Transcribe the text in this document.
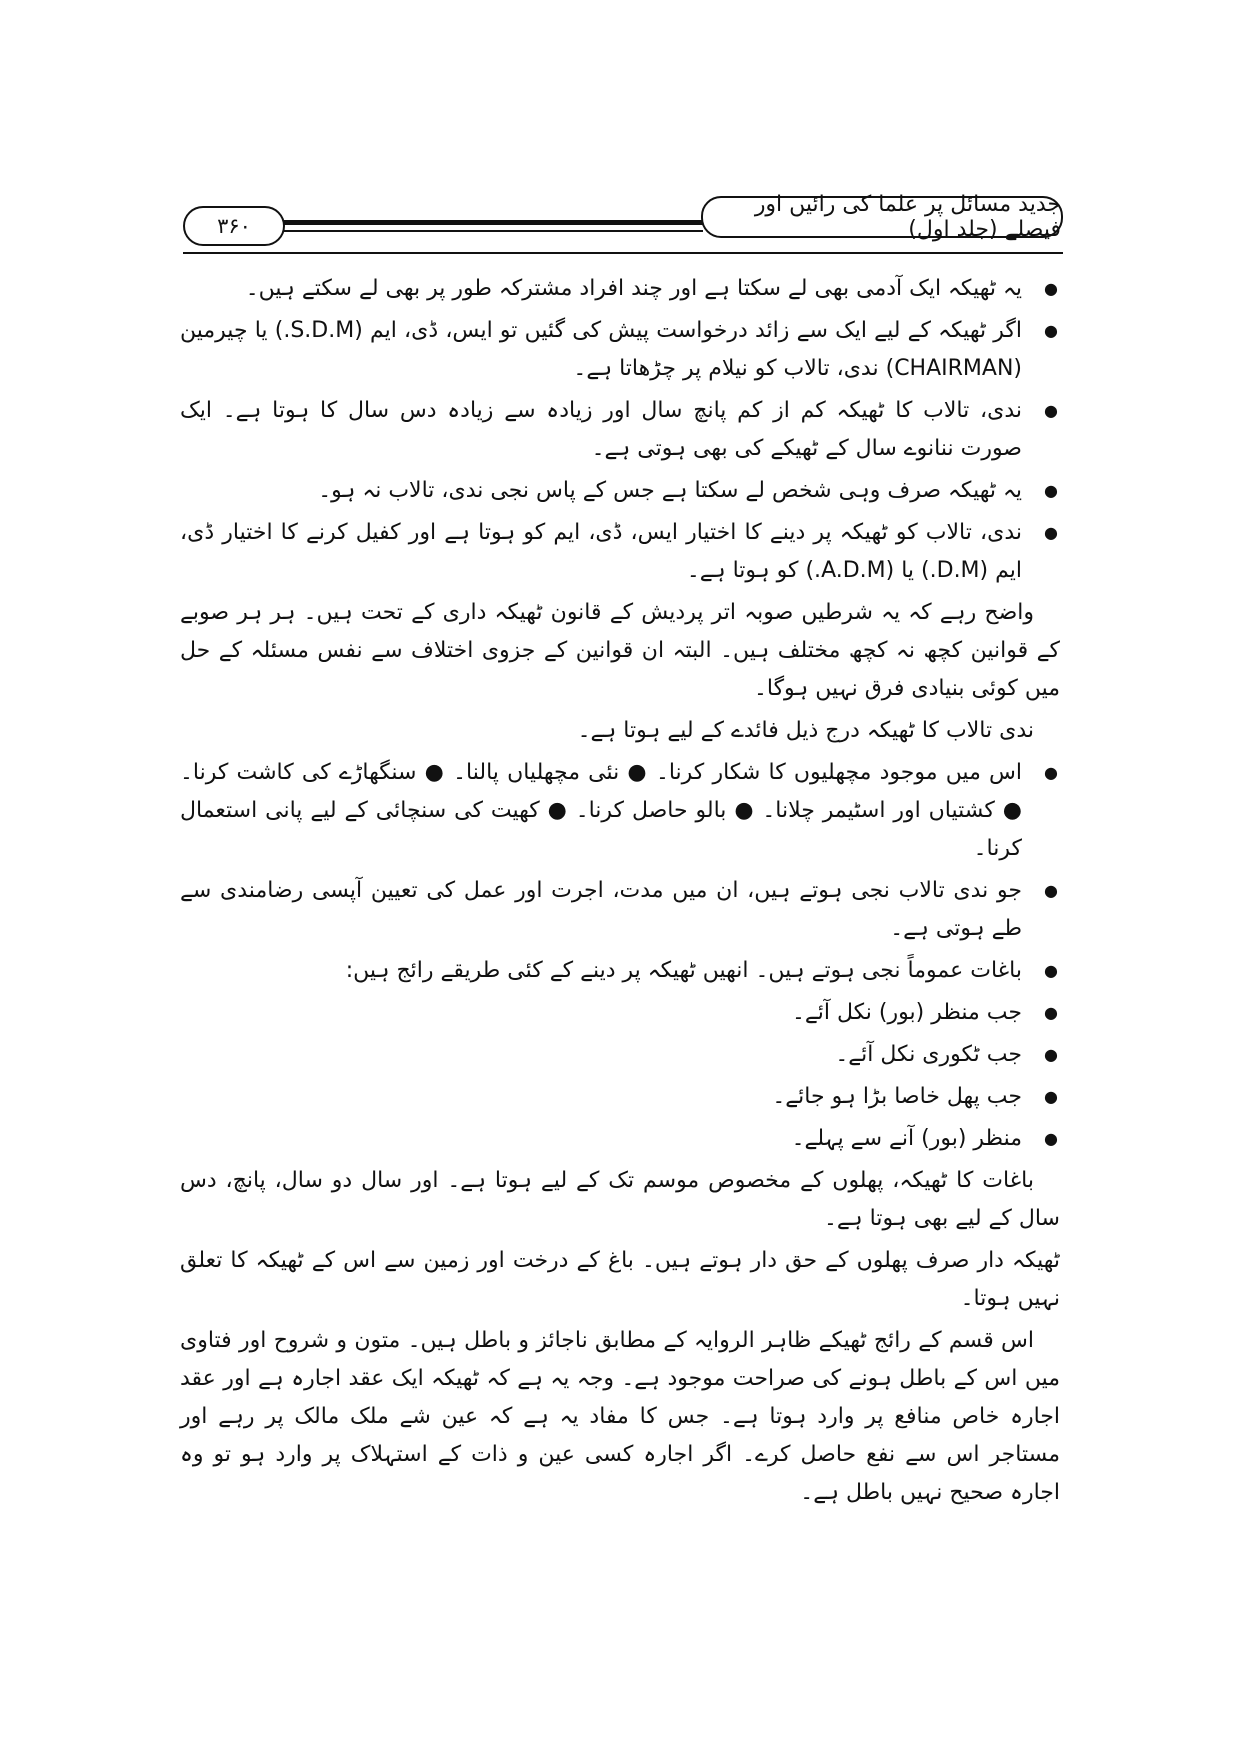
۳۶۰
جدید مسائل پر علما کی رائیں اور فیصلے (جلد اول)
● یہ ٹھیکہ ایک آدمی بھی لے سکتا ہے اور چند افراد مشترکہ طور پر بھی لے سکتے ہیں۔
● اگر ٹھیکہ کے لیے ایک سے زائد درخواست پیش کی گئیں تو ایس، ڈی، ایم (S.D.M.) یا چیرمین (CHAIRMAN) ندی، تالاب کو نیلام پر چڑھاتا ہے۔
● ندی، تالاب کا ٹھیکہ کم از کم پانچ سال اور زیادہ سے زیادہ دس سال کا ہوتا ہے۔ ایک صورت ننانوے سال کے ٹھیکے کی بھی ہوتی ہے۔
● یہ ٹھیکہ صرف وہی شخص لے سکتا ہے جس کے پاس نجی ندی، تالاب نہ ہو۔
● ندی، تالاب کو ٹھیکہ پر دینے کا اختیار ایس، ڈی، ایم کو ہوتا ہے اور کفیل کرنے کا اختیار ڈی، ایم (D.M.) یا (A.D.M.) کو ہوتا ہے۔
واضح رہے کہ یہ شرطیں صوبہ اتر پردیش کے قانون ٹھیکہ داری کے تحت ہیں۔ ہر ہر صوبے کے قوانین کچھ نہ کچھ مختلف ہیں۔ البتہ ان قوانین کے جزوی اختلاف سے نفس مسئلہ کے حل میں کوئی بنیادی فرق نہیں ہوگا۔
ندی تالاب کا ٹھیکہ درج ذیل فائدے کے لیے ہوتا ہے۔
● اس میں موجود مچھلیوں کا شکار کرنا۔ ● نئی مچھلیاں پالنا۔ ● سنگھاڑے کی کاشت کرنا۔ ● کشتیاں اور اسٹیمر چلانا۔ ● بالو حاصل کرنا۔ ● کھیت کی سنچائی کے لیے پانی استعمال کرنا۔
● جو ندی تالاب نجی ہوتے ہیں، ان میں مدت، اجرت اور عمل کی تعیین آپسی رضامندی سے طے ہوتی ہے۔
● باغات عموماً نجی ہوتے ہیں۔ انھیں ٹھیکہ پر دینے کے کئی طریقے رائج ہیں:
● جب منظر (بور) نکل آئے۔
● جب ٹکوری نکل آئے۔
● جب پھل خاصا بڑا ہو جائے۔
● منظر (بور) آنے سے پہلے۔
باغات کا ٹھیکہ، پھلوں کے مخصوص موسم تک کے لیے ہوتا ہے۔ اور سال دو سال، پانچ، دس سال کے لیے بھی ہوتا ہے۔
ٹھیکہ دار صرف پھلوں کے حق دار ہوتے ہیں۔ باغ کے درخت اور زمین سے اس کے ٹھیکہ کا تعلق نہیں ہوتا۔
اس قسم کے رائج ٹھیکے ظاہر الروایہ کے مطابق ناجائز و باطل ہیں۔ متون و شروح اور فتاوی میں اس کے باطل ہونے کی صراحت موجود ہے۔ وجہ یہ ہے کہ ٹھیکہ ایک عقد اجارہ ہے اور عقد اجارہ خاص منافع پر وارد ہوتا ہے۔ جس کا مفاد یہ ہے کہ عین شے ملک مالک پر رہے اور مستاجر اس سے نفع حاصل کرے۔ اگر اجارہ کسی عین و ذات کے استہلاک پر وارد ہو تو وہ اجارہ صحیح نہیں باطل ہے۔
